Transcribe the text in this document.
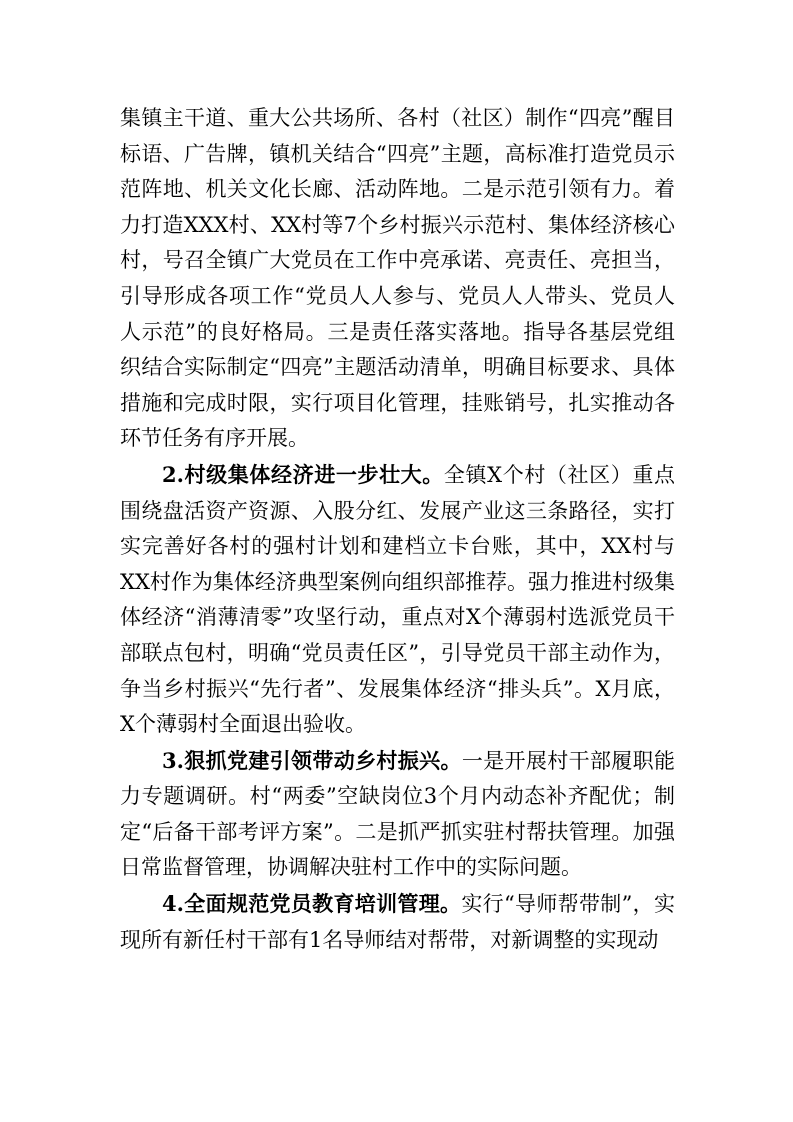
集镇主干道、重大公共场所、各村（社区）制作“四亮”醒目标语、广告牌，镇机关结合“四亮”主题，高标准打造党员示范阵地、机关文化长廊、活动阵地。二是示范引领有力。着力打造XXX村、XX村等7个乡村振兴示范村、集体经济核心村，号召全镇广大党员在工作中亮承诺、亮责任、亮担当，引导形成各项工作“党员人人参与、党员人人带头、党员人人示范”的良好格局。三是责任落实落地。指导各基层党组织结合实际制定“四亮”主题活动清单，明确目标要求、具体措施和完成时限，实行项目化管理，挂账销号，扎实推动各环节任务有序开展。

2.村级集体经济进一步壮大。全镇X个村（社区）重点围绕盘活资产资源、入股分红、发展产业这三条路径，实打实完善好各村的强村计划和建档立卡台账，其中，XX村与XX村作为集体经济典型案例向组织部推荐。强力推进村级集体经济“消薄清零”攻坚行动，重点对X个薄弱村选派党员干部联点包村，明确“党员责任区”，引导党员干部主动作为，争当乡村振兴“先行者”、发展集体经济“排头兵”。X月底，X个薄弱村全面退出验收。

3.狠抓党建引领带动乡村振兴。一是开展村干部履职能力专题调研。村“两委”空缺岗位3个月内动态补齐配优；制定“后备干部考评方案”。二是抓严抓实驻村帮扶管理。加强日常监督管理，协调解决驻村工作中的实际问题。

4.全面规范党员教育培训管理。实行“导师帮带制”，实现所有新任村干部有1名导师结对帮带，对新调整的实现动
